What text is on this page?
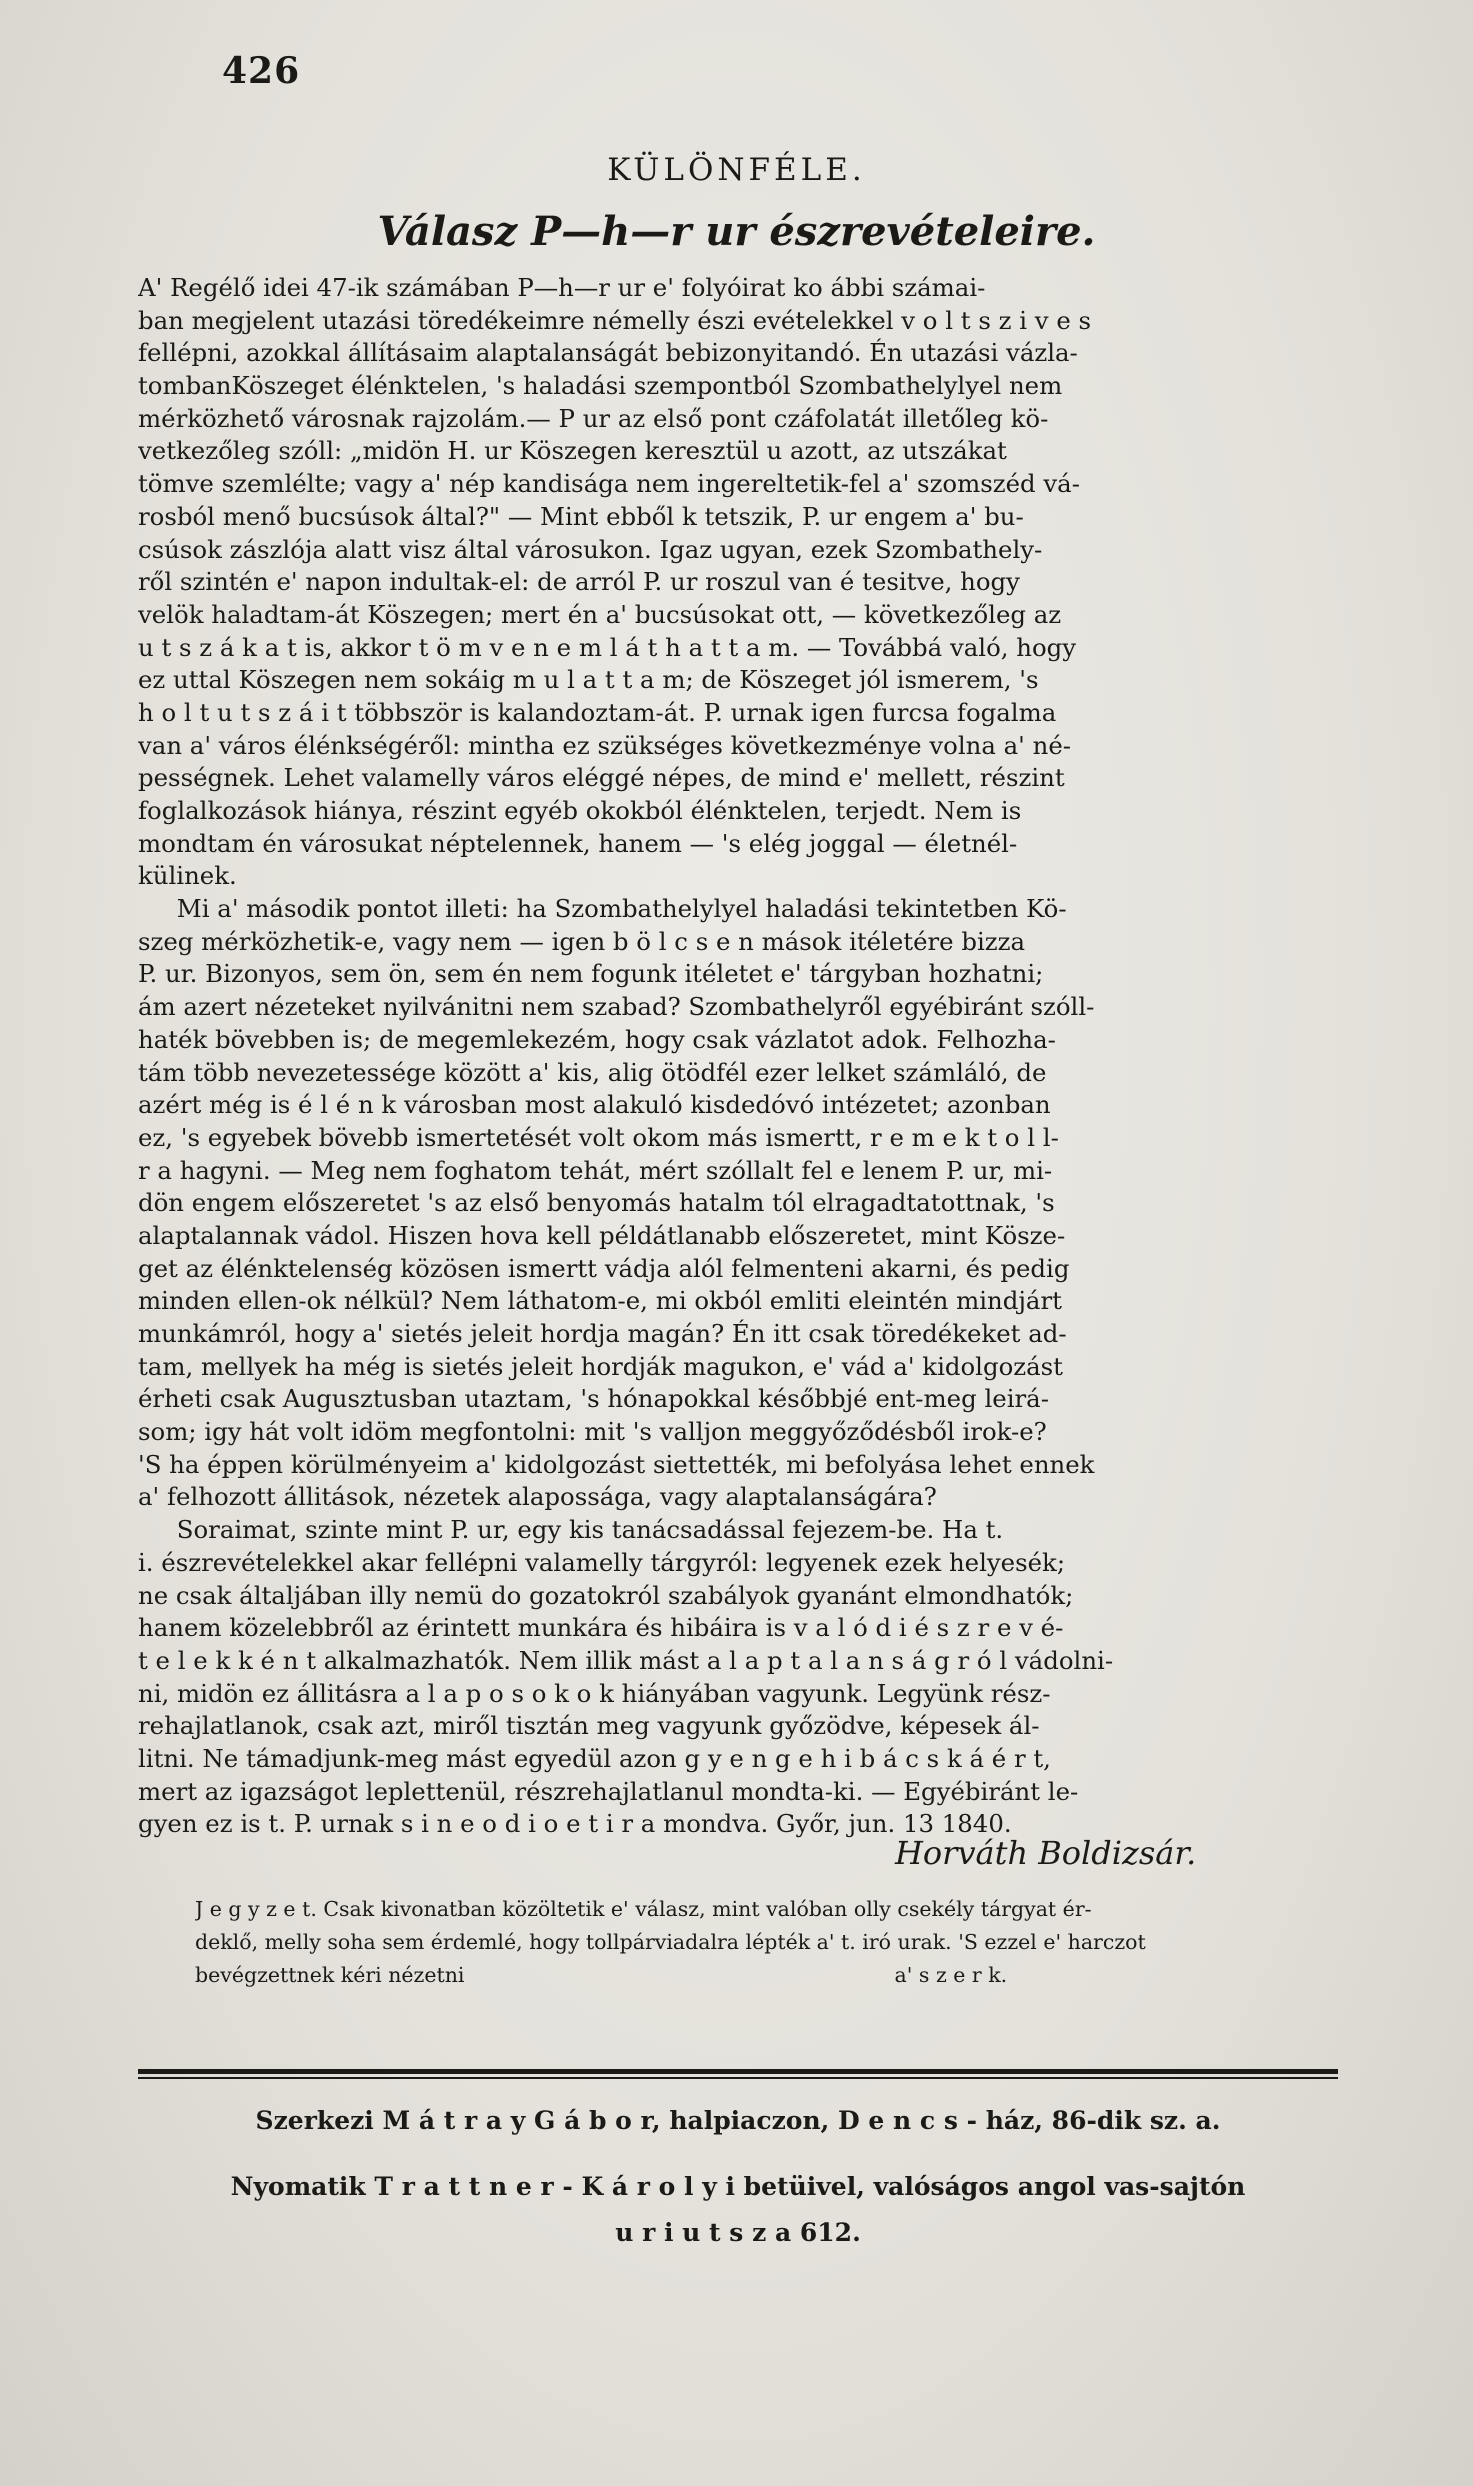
426
KÜLÖNFÉLE.
Válasz P—h—r ur észrevételeire.
A' Regélő idei 47-ik számában P—h—r ur e' folyóirat ko ábbi számai-
ban megjelent utazási töredékeimre némelly észi evételekkel v o l t s z i v e s
fellépni, azokkal állításaim alaptalanságát bebizonyitandó. Én utazási vázla-
tombanKöszeget élénktelen, 's haladási szempontból Szombathelylyel nem
mérközhető városnak rajzolám.— P ur az első pont czáfolatát illetőleg kö-
vetkezőleg szóll: „midön H. ur Köszegen keresztül u azott, az utszákat
tömve szemlélte; vagy a' nép kandisága nem ingereltetik-fel a' szomszéd vá-
rosból menő bucsúsok által?" — Mint ebből k tetszik, P. ur engem a' bu-
csúsok zászlója alatt visz által városukon. Igaz ugyan, ezek Szombathely-
ről szintén e' napon indultak-el: de arról P. ur roszul van é tesitve, hogy
velök haladtam-át Köszegen; mert én a' bucsúsokat ott, — következőleg az
u t s z á k a t is, akkor t ö m v e n e m l á t h a t t a m. — Továbbá való, hogy
ez uttal Köszegen nem sokáig m u l a t t a m; de Köszeget jól ismerem, 's
h o l t u t s z á i t többször is kalandoztam-át. P. urnak igen furcsa fogalma
van a' város élénkségéről: mintha ez szükséges következménye volna a' né-
pességnek. Lehet valamelly város eléggé népes, de mind e' mellett, részint
foglalkozások hiánya, részint egyéb okokból élénktelen, terjedt. Nem is
mondtam én városukat néptelennek, hanem — 's elég joggal — életnél-
külinek.
Mi a' második pontot illeti: ha Szombathelylyel haladási tekintetben Kö-
szeg mérközhetik-e, vagy nem — igen b ö l c s e n mások itéletére bizza
P. ur. Bizonyos, sem ön, sem én nem fogunk itéletet e' tárgyban hozhatni;
ám azert nézeteket nyilvánitni nem szabad? Szombathelyről egyébiránt szóll-
haték bövebben is; de megemlekezém, hogy csak vázlatot adok. Felhozha-
tám több nevezetessége között a' kis, alig ötödfél ezer lelket számláló, de
azért még is é l é n k városban most alakuló kisdedóvó intézetet; azonban
ez, 's egyebek bövebb ismertetését volt okom más ismertt, r e m e k t o l l-
r a hagyni. — Meg nem foghatom tehát, mért szóllalt fel e lenem P. ur, mi-
dön engem előszeretet 's az első benyomás hatalm tól elragadtatottnak, 's
alaptalannak vádol. Hiszen hova kell példátlanabb előszeretet, mint Kösze-
get az élénktelenség közösen ismertt vádja alól felmenteni akarni, és pedig
minden ellen-ok nélkül? Nem láthatom-e, mi okból emliti eleintén mindjárt
munkámról, hogy a' sietés jeleit hordja magán? Én itt csak töredékeket ad-
tam, mellyek ha még is sietés jeleit hordják magukon, e' vád a' kidolgozást
érheti csak Augusztusban utaztam, 's hónapokkal későbbjé ent-meg leirá-
som; igy hát volt idöm megfontolni: mit 's valljon meggyőződésből irok-e?
'S ha éppen körülményeim a' kidolgozást siettették, mi befolyása lehet ennek
a' felhozott állitások, nézetek alapossága, vagy alaptalanságára?
Soraimat, szinte mint P. ur, egy kis tanácsadással fejezem-be. Ha t.
i. észrevételekkel akar fellépni valamelly tárgyról: legyenek ezek helyesék;
ne csak általjában illy nemü do gozatokról szabályok gyanánt elmondhatók;
hanem közelebbről az érintett munkára és hibáira is v a l ó d i é s z r e v é-
t e l e k k é n t alkalmazhatók. Nem illik mást a l a p t a l a n s á g r ó l vádolni-
ni, midön ez állitásra a l a p o s o k o k hiányában vagyunk. Legyünk rész-
rehajlatlanok, csak azt, miről tisztán meg vagyunk győzödve, képesek ál-
litni. Ne támadjunk-meg mást egyedül azon g y e n g e h i b á c s k á é r t,
mert az igazságot leplettenül, részrehajlatlanul mondta-ki. — Egyébiránt le-
gyen ez is t. P. urnak s i n e o d i o e t i r a mondva. Győr, jun. 13 1840.
Horváth Boldizsár.
J e g y z e t. Csak kivonatban közöltetik e' válasz, mint valóban olly csekély tárgyat ér-
deklő, melly soha sem érdemlé, hogy tollpárviadalra lépték a' t. iró urak. 'S ezzel e' harczot
bevégzettnek kéri nézetni                                                                  a' s z e r k.
Szerkezi M á t r a y G á b o r, halpiaczon, D e n c s - ház, 86-dik sz. a.
Nyomatik T r a t t n e r - K á r o l y i betüivel, valóságos angol vas-sajtón
u r i u t s z a 612.
